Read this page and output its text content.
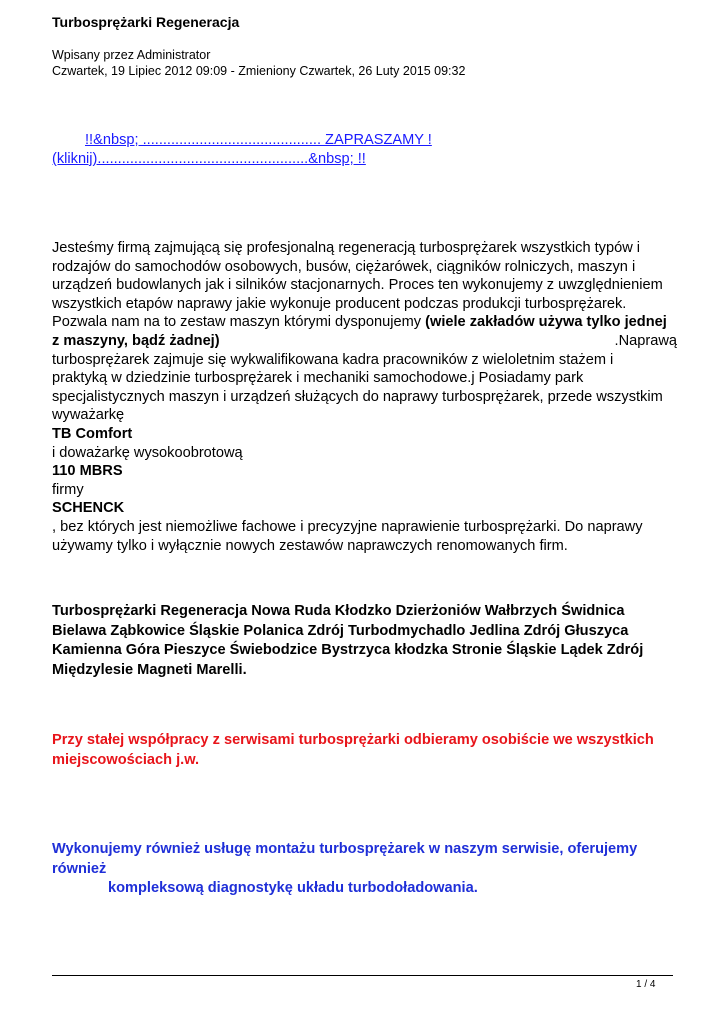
Turbosprężarki Regeneracja
Wpisany przez Administrator
Czwartek, 19 Lipiec 2012 09:09 - Zmieniony Czwartek, 26 Luty 2015 09:32
!!&nbsp; ............................................ ZAPRASZAMY !
(kliknij)....................................................&nbsp; !!
Jesteśmy firmą zajmującą się profesjonalną regeneracją turbosprężarek wszystkich typów i
rodzajów do samochodów osobowych, busów, ciężarówek, ciągników rolniczych, maszyn i
urządzeń budowlanych jak i silników stacjonarnych. Proces ten wykonujemy z uwzględnieniem
wszystkich etapów naprawy jakie wykonuje producent podczas produkcji turbosprężarek.
Pozwala nam na to zestaw maszyn którymi dysponujemy (wiele zakładów używa tylko jednej
z maszyny, bądź żadnej)	.Naprawą
turbosprężarek zajmuje się wykwalifikowana kadra pracowników z wieloletnim stażem i
praktyką w dziedzinie turbosprężarek i mechaniki samochodowe.j Posiadamy park
specjalistycznych maszyn i urządzeń służących do naprawy turbosprężarek, przede wszystkim
wyważarkę
TB Comfort
i doważarkę wysokoobrotową
110 MBRS
firmy
SCHENCK
, bez których jest niemożliwe fachowe i precyzyjne naprawienie turbosprężarki. Do naprawy
używamy tylko i wyłącznie nowych zestawów naprawczych renomowanych firm.
Turbosprężarki Regeneracja Nowa Ruda Kłodzko Dzierżoniów Wałbrzych Świdnica
Bielawa Ząbkowice Śląskie Polanica Zdrój Turbodmychadlo Jedlina Zdrój Głuszyca
Kamienna Góra Pieszyce Świebodzice Bystrzyca kłodzka Stronie Śląskie Lądek Zdrój
Międzylesie Magneti Marelli.
Przy stałej współpracy z serwisami turbosprężarki odbieramy osobiście we wszystkich
miejscowościach j.w.
Wykonujemy również usługę montażu turbosprężarek w naszym serwisie, oferujemy
również
kompleksową diagnostykę układu turbodoładowania.
1 / 4
